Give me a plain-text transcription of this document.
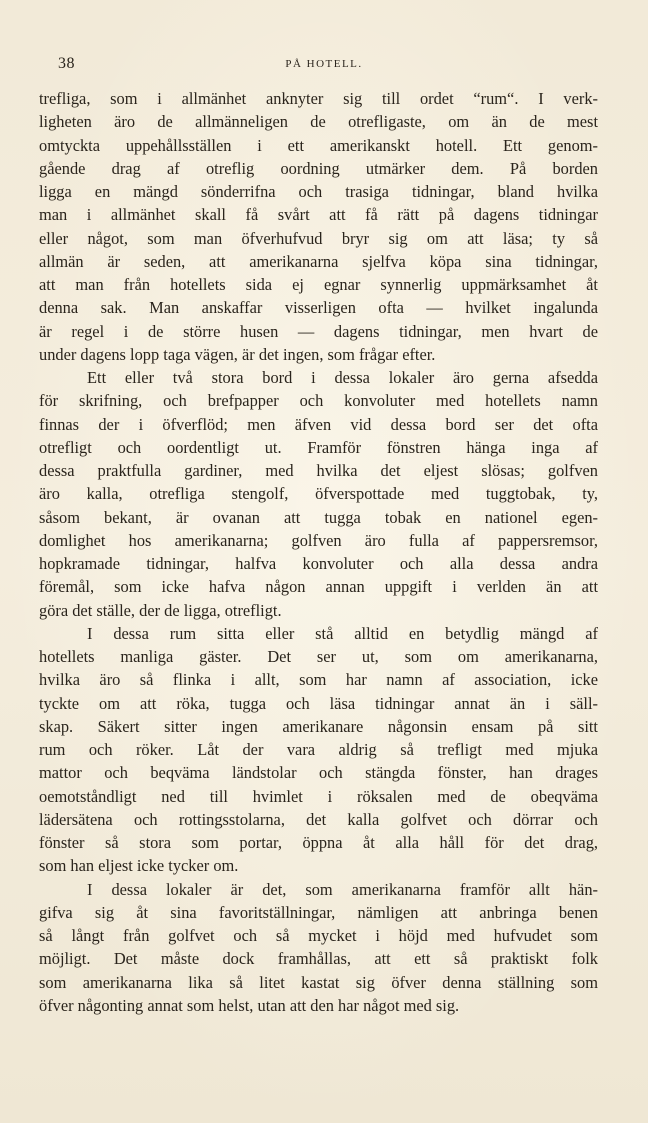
38	PÅ HOTELL.
trefliga, som i allmänhet anknyter sig till ordet “rum“. I verk-
ligheten äro de allmänneligen de otrefligaste, om än de mest
omtyckta uppehållsställen i ett amerikanskt hotell. Ett genom-
gående drag af otreflig oordning utmärker dem. På borden
ligga en mängd sönderrifna och trasiga tidningar, bland hvilka
man i allmänhet skall få svårt att få rätt på dagens tidningar
eller något, som man öfverhufvud bryr sig om att läsa; ty så
allmän är seden, att amerikanarna sjelfva köpa sina tidningar,
att man från hotellets sida ej egnar synnerlig uppmärksamhet åt
denna sak. Man anskaffar visserligen ofta — hvilket ingalunda
är regel i de större husen — dagens tidningar, men hvart de
under dagens lopp taga vägen, är det ingen, som frågar efter.
Ett eller två stora bord i dessa lokaler äro gerna afsedda
för skrifning, och brefpapper och konvoluter med hotellets namn
finnas der i öfverflöd; men äfven vid dessa bord ser det ofta
otrefligt och oordentligt ut. Framför fönstren hänga inga af
dessa praktfulla gardiner, med hvilka det eljest slösas; golfven
äro kalla, otrefliga stengolf, öfverspottade med tuggtobak, ty,
såsom bekant, är ovanan att tugga tobak en nationel egen-
domlighet hos amerikanarna; golfven äro fulla af pappersremsor,
hopkramade tidningar, halfva konvoluter och alla dessa andra
föremål, som icke hafva någon annan uppgift i verlden än att
göra det ställe, der de ligga, otrefligt.
I dessa rum sitta eller stå alltid en betydlig mängd af
hotellets manliga gäster. Det ser ut, som om amerikanarna,
hvilka äro så flinka i allt, som har namn af association, icke
tyckte om att röka, tugga och läsa tidningar annat än i säll-
skap. Säkert sitter ingen amerikanare någonsin ensam på sitt
rum och röker. Låt der vara aldrig så trefligt med mjuka
mattor och beqväma ländstolar och stängda fönster, han drages
oemotståndligt ned till hvimlet i röksalen med de obeqväma
lädersätena och rottingsstolarna, det kalla golfvet och dörrar och
fönster så stora som portar, öppna åt alla håll för det drag,
som han eljest icke tycker om.
I dessa lokaler är det, som amerikanarna framför allt hän-
gifva sig åt sina favoritställningar, nämligen att anbringa benen
så långt från golfvet och så mycket i höjd med hufvudet som
möjligt. Det måste dock framhållas, att ett så praktiskt folk
som amerikanarna lika så litet kastat sig öfver denna ställning som
öfver någonting annat som helst, utan att den har något med sig.
